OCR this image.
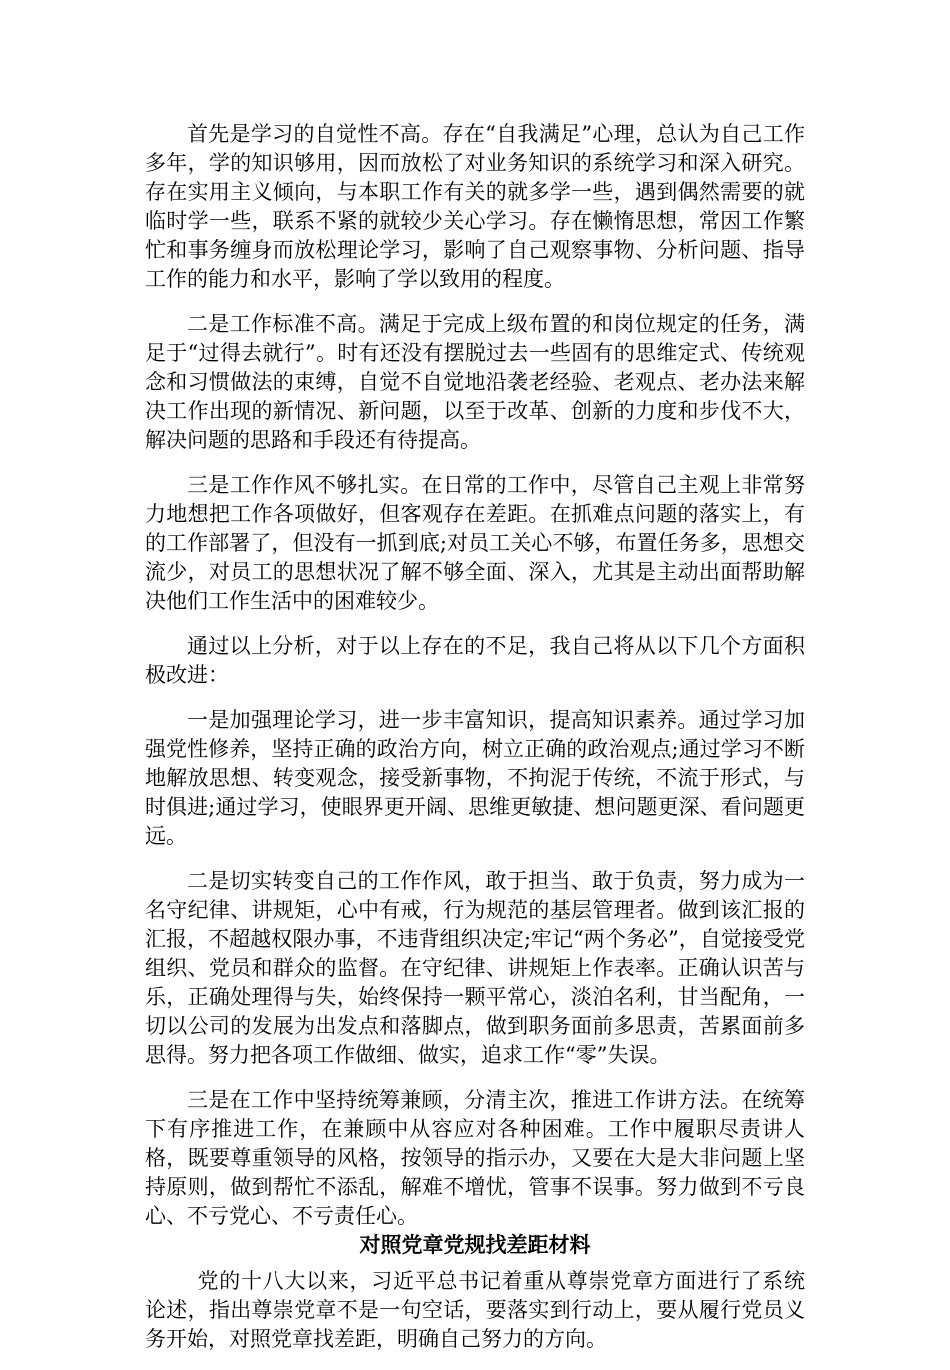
首先是学习的自觉性不高。存在“自我满足”心理，总认为自己工作多年，学的知识够用，因而放松了对业务知识的系统学习和深入研究。存在实用主义倾向，与本职工作有关的就多学一些，遇到偶然需要的就临时学一些，联系不紧的就较少关心学习。存在懒惰思想，常因工作繁忙和事务缠身而放松理论学习，影响了自己观察事物、分析问题、指导工作的能力和水平，影响了学以致用的程度。

二是工作标准不高。满足于完成上级布置的和岗位规定的任务，满足于“过得去就行”。时有还没有摆脱过去一些固有的思维定式、传统观念和习惯做法的束缚，自觉不自觉地沿袭老经验、老观点、老办法来解决工作出现的新情况、新问题，以至于改革、创新的力度和步伐不大，解决问题的思路和手段还有待提高。

三是工作作风不够扎实。在日常的工作中，尽管自己主观上非常努力地想把工作各项做好，但客观存在差距。在抓难点问题的落实上，有的工作部署了，但没有一抓到底;对员工关心不够，布置任务多，思想交流少，对员工的思想状况了解不够全面、深入，尤其是主动出面帮助解决他们工作生活中的困难较少。

通过以上分析，对于以上存在的不足，我自己将从以下几个方面积极改进：

一是加强理论学习，进一步丰富知识，提高知识素养。通过学习加强党性修养，坚持正确的政治方向，树立正确的政治观点;通过学习不断地解放思想、转变观念，接受新事物，不拘泥于传统，不流于形式，与时俱进;通过学习，使眼界更开阔、思维更敏捷、想问题更深、看问题更远。

二是切实转变自己的工作作风，敢于担当、敢于负责，努力成为一名守纪律、讲规矩，心中有戒，行为规范的基层管理者。做到该汇报的汇报，不超越权限办事，不违背组织决定;牢记“两个务必”，自觉接受党组织、党员和群众的监督。在守纪律、讲规矩上作表率。正确认识苦与乐，正确处理得与失，始终保持一颗平常心，淡泊名利，甘当配角，一切以公司的发展为出发点和落脚点，做到职务面前多思责，苦累面前多思得。努力把各项工作做细、做实，追求工作“零”失误。

三是在工作中坚持统筹兼顾，分清主次，推进工作讲方法。在统筹下有序推进工作，在兼顾中从容应对各种困难。工作中履职尽责讲人格，既要尊重领导的风格，按领导的指示办，又要在大是大非问题上坚持原则，做到帮忙不添乱，解难不增忧，管事不误事。努力做到不亏良心、不亏党心、不亏责任心。

对照党章党规找差距材料

党的十八大以来，习近平总书记着重从尊崇党章方面进行了系统论述，指出尊崇党章不是一句空话，要落实到行动上，要从履行党员义务开始，对照党章找差距，明确自己努力的方向。
